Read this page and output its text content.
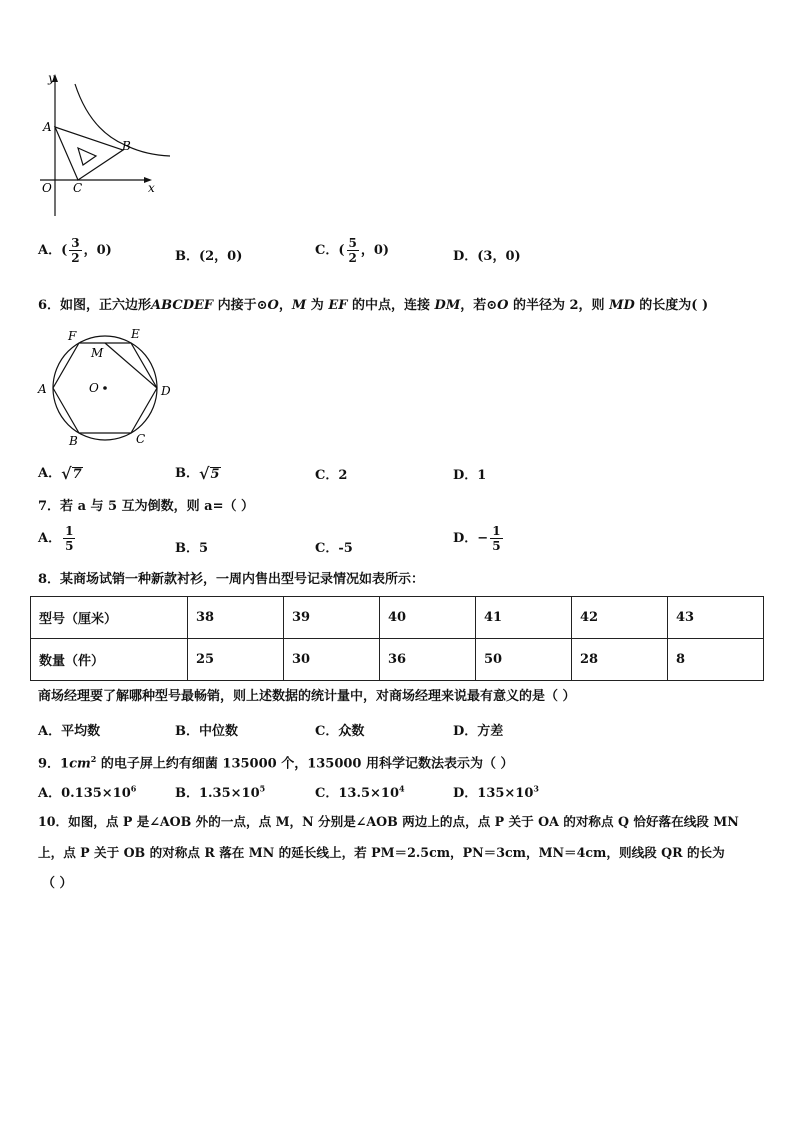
y
x
A
B
C
O
A．( $\frac{3}{2}$ ，0)	B．(2，0)	C．( $\frac{5}{2}$ ，0)	D．(3，0)
6．如图，正六边形ABCDEF 内接于⊙O，M 为 EF 的中点，连接 DM，若⊙O 的半径为 2，则 MD 的长度为( )
F	E
M
A	O	D
B	C
A． √ 7	B． √ 5	C．2	D．1
7．若 a 与 5 互为倒数，则 a=（ ）
A． $\frac{1}{5}$	B．5	C．-5
D．− $\frac{1}{5}$
8．某商场试销一种新款衬衫，一周内售出型号记录情况如表所示：
型号（厘米）	38	39	40	41	42	43
数量（件）	25	30	36	50	28	8
商场经理要了解哪种型号最畅销，则上述数据的统计量中，对商场经理来说最有意义的是（ ）
A．平均数	B．中位数	C．众数	D．方差
9．$1cm^2$ 的电子屏上约有细菌 135000 个，135000 用科学记数法表示为（ ）
A．$0.135\times 10^6$	B．$1.35\times 10^5$	C．$13.5\times 10^4$	D．$135\times 10^3$
10．如图，点 P 是∠AOB 外的一点，点 M，N 分别是∠AOB 两边上的点，点 P 关于 OA 的对称点 Q 恰好落在线段 MN
上，点 P 关于 OB 的对称点 R 落在 MN 的延长线上，若 PM＝2.5cm，PN＝3cm，MN＝4cm，则线段 QR 的长为
（ ）
